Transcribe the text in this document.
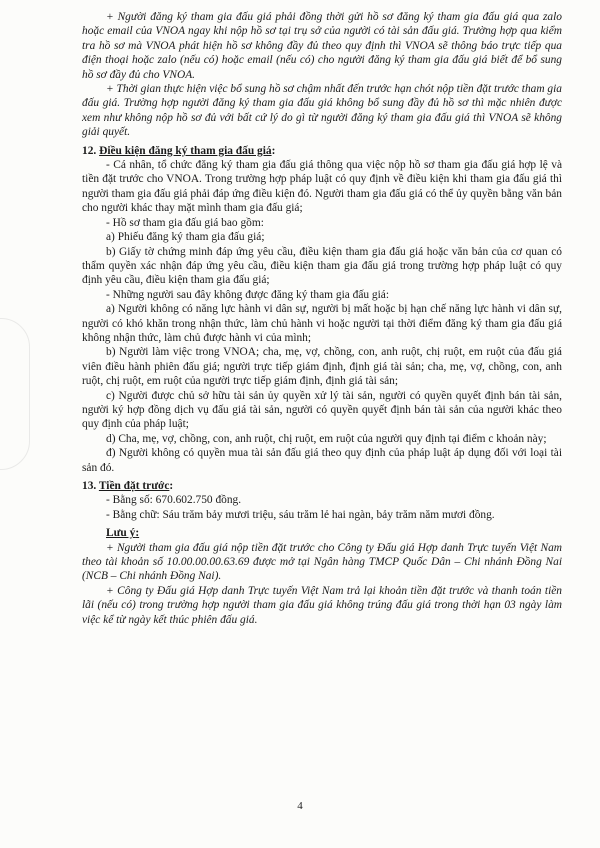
+ Người đăng ký tham gia đấu giá phải đồng thời gửi hồ sơ đăng ký tham gia đấu giá qua zalo hoặc email của VNOA ngay khi nộp hồ sơ tại trụ sở của người có tài sản đấu giá. Trường hợp qua kiểm tra hồ sơ mà VNOA phát hiện hồ sơ không đầy đủ theo quy định thì VNOA sẽ thông báo trực tiếp qua điện thoại hoặc zalo (nếu có) hoặc email (nếu có) cho người đăng ký tham gia đấu giá biết để bổ sung hồ sơ đầy đủ cho VNOA.

+ Thời gian thực hiện việc bổ sung hồ sơ chậm nhất đến trước hạn chót nộp tiền đặt trước tham gia đấu giá. Trường hợp người đăng ký tham gia đấu giá không bổ sung đầy đủ hồ sơ thì mặc nhiên được xem như không nộp hồ sơ đủ với bất cứ lý do gì từ người đăng ký tham gia đấu giá thì VNOA sẽ không giải quyết.

12. Điều kiện đăng ký tham gia đấu giá:

- Cá nhân, tổ chức đăng ký tham gia đấu giá thông qua việc nộp hồ sơ tham gia đấu giá hợp lệ và tiền đặt trước cho VNOA. Trong trường hợp pháp luật có quy định về điều kiện khi tham gia đấu giá thì người tham gia đấu giá phải đáp ứng điều kiện đó. Người tham gia đấu giá có thể ủy quyền bằng văn bản cho người khác thay mặt mình tham gia đấu giá;

- Hồ sơ tham gia đấu giá bao gồm:

a) Phiếu đăng ký tham gia đấu giá;

b) Giấy tờ chứng minh đáp ứng yêu cầu, điều kiện tham gia đấu giá hoặc văn bản của cơ quan có thẩm quyền xác nhận đáp ứng yêu cầu, điều kiện tham gia đấu giá trong trường hợp pháp luật có quy định yêu cầu, điều kiện tham gia đấu giá;

- Những người sau đây không được đăng ký tham gia đấu giá:

a) Người không có năng lực hành vi dân sự, người bị mất hoặc bị hạn chế năng lực hành vi dân sự, người có khó khăn trong nhận thức, làm chủ hành vi hoặc người tại thời điểm đăng ký tham gia đấu giá không nhận thức, làm chủ được hành vi của mình;

b) Người làm việc trong VNOA; cha, mẹ, vợ, chồng, con, anh ruột, chị ruột, em ruột của đấu giá viên điều hành phiên đấu giá; người trực tiếp giám định, định giá tài sản; cha, mẹ, vợ, chồng, con, anh ruột, chị ruột, em ruột của người trực tiếp giám định, định giá tài sản;

c) Người được chủ sở hữu tài sản ủy quyền xử lý tài sản, người có quyền quyết định bán tài sản, người ký hợp đồng dịch vụ đấu giá tài sản, người có quyền quyết định bán tài sản của người khác theo quy định của pháp luật;

d) Cha, mẹ, vợ, chồng, con, anh ruột, chị ruột, em ruột của người quy định tại điểm c khoản này;

đ) Người không có quyền mua tài sản đấu giá theo quy định của pháp luật áp dụng đối với loại tài sản đó.

13. Tiền đặt trước:

- Bằng số: 670.602.750 đồng.

- Bằng chữ: Sáu trăm bảy mươi triệu, sáu trăm lẻ hai ngàn, bảy trăm năm mươi đồng.

Lưu ý:

+ Người tham gia đấu giá nộp tiền đặt trước cho Công ty Đấu giá Hợp danh Trực tuyến Việt Nam theo tài khoản số 10.00.00.00.63.69 được mở tại Ngân hàng TMCP Quốc Dân – Chi nhánh Đồng Nai (NCB – Chi nhánh Đồng Nai).

+ Công ty Đấu giá Hợp danh Trực tuyến Việt Nam trả lại khoản tiền đặt trước và thanh toán tiền lãi (nếu có) trong trường hợp người tham gia đấu giá không trúng đấu giá trong thời hạn 03 ngày làm việc kể từ ngày kết thúc phiên đấu giá.

4
